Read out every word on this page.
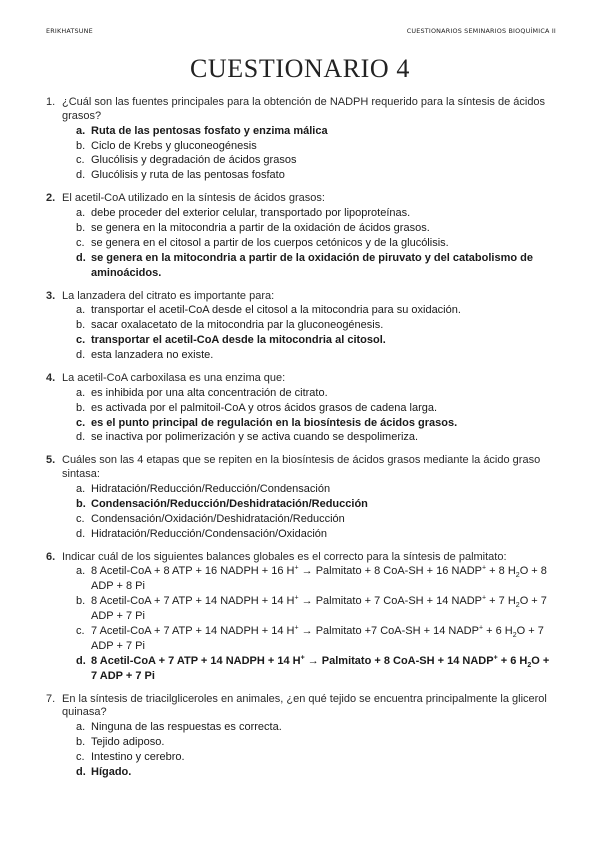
ERIKHATSUNE	CUESTIONARIOS SEMINARIOS BIOQUÍMICA II
CUESTIONARIO 4
1. ¿Cuál son las fuentes principales para la obtención de NADPH requerido para la síntesis de ácidos grasos?
a. Ruta de las pentosas fosfato y enzima málica
b. Ciclo de Krebs y gluconeogénesis
c. Glucólisis y degradación de ácidos grasos
d. Glucólisis y ruta de las pentosas fosfato
2. El acetil-CoA utilizado en la síntesis de ácidos grasos:
a. debe proceder del exterior celular, transportado por lipoproteínas.
b. se genera en la mitocondria a partir de la oxidación de ácidos grasos.
c. se genera en el citosol a partir de los cuerpos cetónicos y de la glucólisis.
d. se genera en la mitocondria a partir de la oxidación de piruvato y del catabolismo de aminoácidos.
3. La lanzadera del citrato es importante para:
a. transportar el acetil-CoA desde el citosol a la mitocondria para su oxidación.
b. sacar oxalacetato de la mitocondria par la gluconeogénesis.
c. transportar el acetil-CoA desde la mitocondria al citosol.
d. esta lanzadera no existe.
4. La acetil-CoA carboxilasa es una enzima que:
a. es inhibida por una alta concentración de citrato.
b. es activada por el palmitoil-CoA y otros ácidos grasos de cadena larga.
c. es el punto principal de regulación en la biosíntesis de ácidos grasos.
d. se inactiva por polimerización y se activa cuando se despolimeriza.
5. Cuáles son las 4 etapas que se repiten en la biosíntesis de ácidos grasos mediante la ácido graso sintasa:
a. Hidratación/Reducción/Reducción/Condensación
b. Condensación/Reducción/Deshidratación/Reducción
c. Condensación/Oxidación/Deshidratación/Reducción
d. Hidratación/Reducción/Condensación/Oxidación
6. Indicar cuál de los siguientes balances globales es el correcto para la síntesis de palmitato:
a. 8 Acetil-CoA + 8 ATP + 16 NADPH + 16 H+ → Palmitato + 8 CoA-SH + 16 NADP+ + 8 $H_2O + 8$ ADP + 8 Pi
b. 8 Acetil-CoA + 7 ATP + 14 NADPH + 14 H+ → Palmitato + 7 CoA-SH + 14 NADP+ + 7 $H_2O + 7$ ADP + 7 Pi
c. 7 Acetil-CoA + 7 ATP + 14 NADPH + 14 H+ → Palmitato +7 CoA-SH + 14 NADP+ + 6 $H_2O + 7$ ADP + 7 Pi
d. 8 Acetil-CoA + 7 ATP + 14 NADPH + 14 H+ → Palmitato + 8 CoA-SH + 14 NADP+ + 6 $H_2O + 7$ ADP + 7 Pi
7. En la síntesis de triacilgliceroles en animales, ¿en qué tejido se encuentra principalmente la glicerol quinasa?
a. Ninguna de las respuestas es correcta.
b. Tejido adiposo.
c. Intestino y cerebro.
d. Hígado.
